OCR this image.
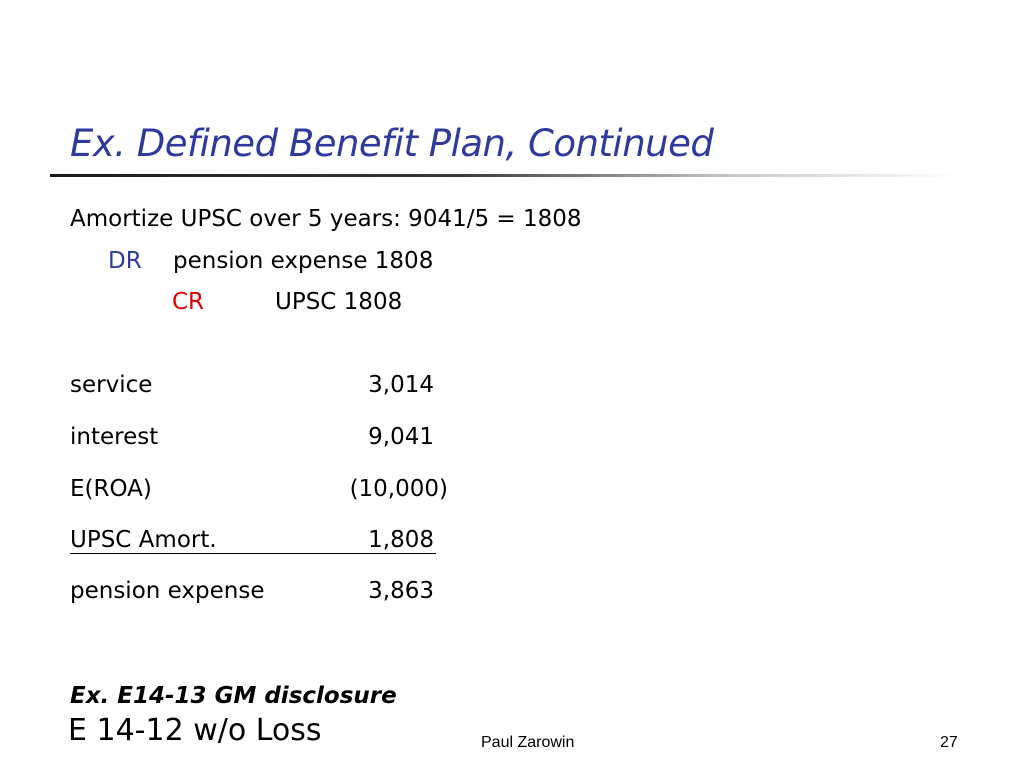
Ex. Defined Benefit Plan, Continued
Amortize UPSC over 5 years: 9041/5 = 1808
DR pension expense 1808
CR	UPSC 1808
service	3,014
interest	9,041
E(ROA)	(10,000)
UPSC Amort.	1,808
pension expense	3,863
Ex. E14-13 GM disclosure
E 14-12 w/o Loss	Paul Zarowin	27
